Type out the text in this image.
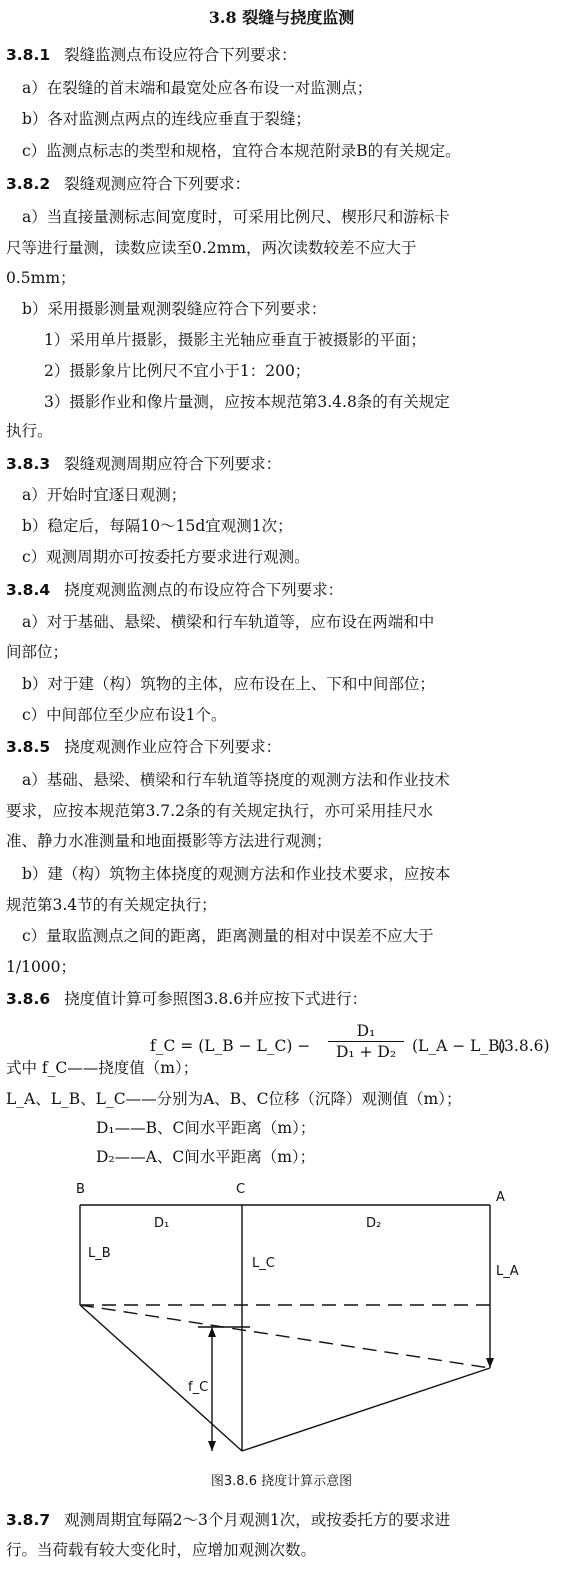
3.8 裂缝与挠度监测
3.8.1 裂缝监测点布设应符合下列要求：
a）在裂缝的首末端和最宽处应各布设一对监测点；
b）各对监测点两点的连线应垂直于裂缝；
c）监测点标志的类型和规格，宜符合本规范附录B的有关规定。
3.8.2 裂缝观测应符合下列要求：
a）当直接量测标志间宽度时，可采用比例尺、楔形尺和游标卡
尺等进行量测，读数应读至0.2mm，两次读数较差不应大于
0.5mm；
b）采用摄影测量观测裂缝应符合下列要求：
1）采用单片摄影，摄影主光轴应垂直于被摄影的平面；
2）摄影象片比例尺不宜小于1：200；
3）摄影作业和像片量测，应按本规范第3.4.8条的有关规定
执行。
3.8.3 裂缝观测周期应符合下列要求：
a）开始时宜逐日观测；
b）稳定后，每隔10～15d宜观测1次；
c）观测周期亦可按委托方要求进行观测。
3.8.4 挠度观测监测点的布设应符合下列要求：
a）对于基础、悬梁、横梁和行车轨道等，应布设在两端和中
间部位；
b）对于建（构）筑物的主体，应布设在上、下和中间部位；
c）中间部位至少应布设1个。
3.8.5 挠度观测作业应符合下列要求：
a）基础、悬梁、横梁和行车轨道等挠度的观测方法和作业技术
要求，应按本规范第3.7.2条的有关规定执行，亦可采用挂尺水
准、静力水准测量和地面摄影等方法进行观测；
b）建（构）筑物主体挠度的观测方法和作业技术要求，应按本
规范第3.4节的有关规定执行；
c）量取监测点之间的距离，距离测量的相对中误差不应大于
1/1000；
3.8.6 挠度值计算可参照图3.8.6并应按下式进行：
f_C = (L_B − L_C) −
D₁
D₁ + D₂	(L_A − L_B)
(3.8.6)
式中 f_C——挠度值（m）；
L_A、L_B、L_C——分别为A、B、C位移（沉降）观测值（m）；
D₁——B、C间水平距离（m）；
D₂——A、C间水平距离（m）；
B	C
A
D₁	D₂
L_B
L_C
L_A
f_C
图3.8.6 挠度计算示意图
3.8.7 观测周期宜每隔2～3个月观测1次，或按委托方的要求进
行。当荷载有较大变化时，应增加观测次数。
